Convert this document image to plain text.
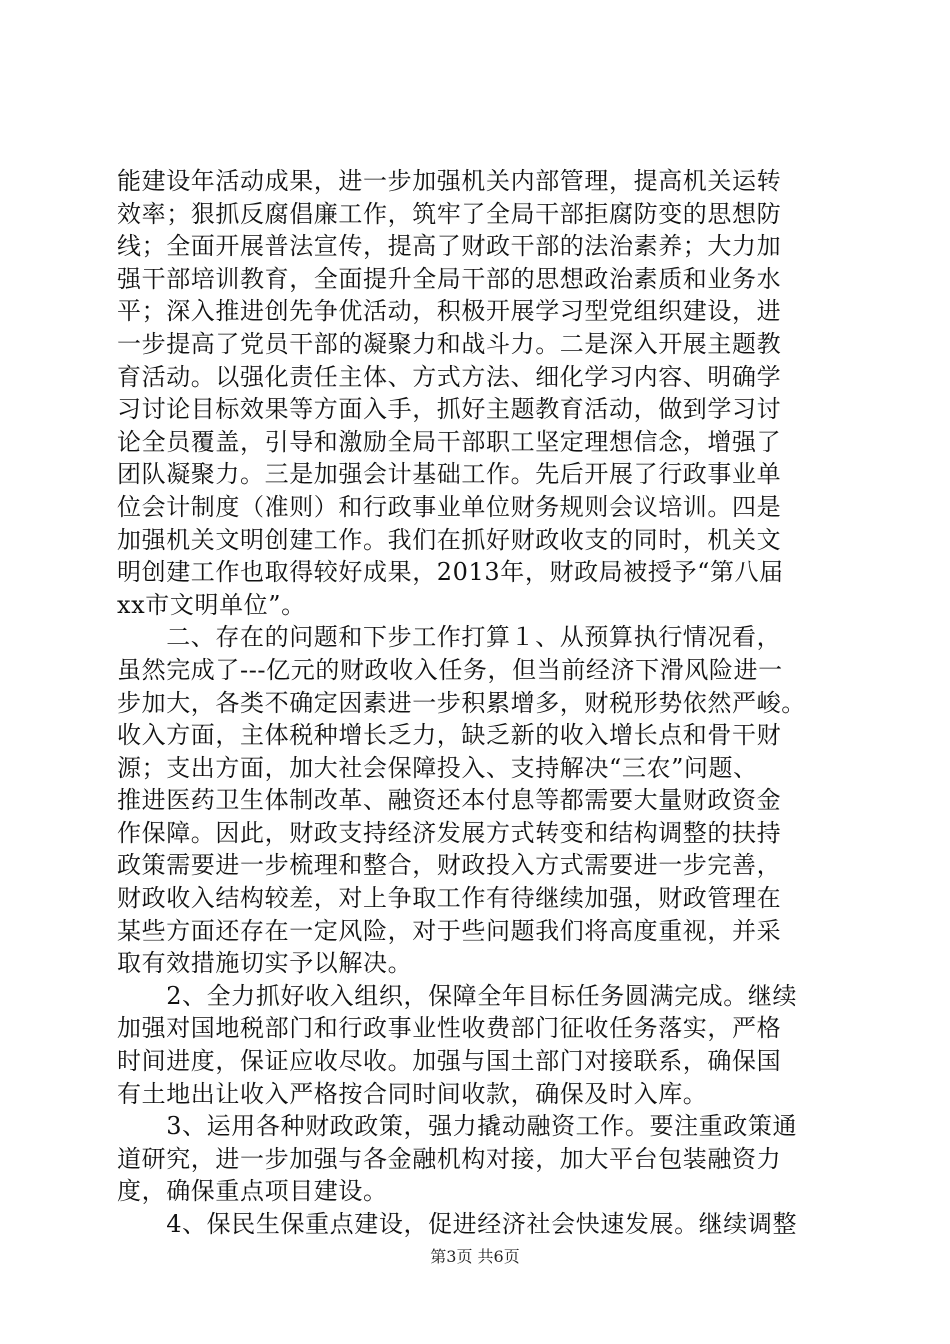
能建设年活动成果，进一步加强机关内部管理，提高机关运转
效率；狠抓反腐倡廉工作，筑牢了全局干部拒腐防变的思想防
线；全面开展普法宣传，提高了财政干部的法治素养；大力加
强干部培训教育，全面提升全局干部的思想政治素质和业务水
平；深入推进创先争优活动，积极开展学习型党组织建设，进
一步提高了党员干部的凝聚力和战斗力。二是深入开展主题教
育活动。以强化责任主体、方式方法、细化学习内容、明确学
习讨论目标效果等方面入手，抓好主题教育活动，做到学习讨
论全员覆盖，引导和激励全局干部职工坚定理想信念，增强了
团队凝聚力。三是加强会计基础工作。先后开展了行政事业单
位会计制度（准则）和行政事业单位财务规则会议培训。四是
加强机关文明创建工作。我们在抓好财政收支的同时，机关文
明创建工作也取得较好成果，2013年，财政局被授予“第八届
xx市文明单位”。
　　二、存在的问题和下步工作打算１、从预算执行情况看，
虽然完成了---亿元的财政收入任务，但当前经济下滑风险进一
步加大，各类不确定因素进一步积累增多，财税形势依然严峻。
收入方面，主体税种增长乏力，缺乏新的收入增长点和骨干财
源；支出方面，加大社会保障投入、支持解决“三农”问题、
推进医药卫生体制改革、融资还本付息等都需要大量财政资金
作保障。因此，财政支持经济发展方式转变和结构调整的扶持
政策需要进一步梳理和整合，财政投入方式需要进一步完善，
财政收入结构较差，对上争取工作有待继续加强，财政管理在
某些方面还存在一定风险，对于些问题我们将高度重视，并采
取有效措施切实予以解决。
　　2、全力抓好收入组织，保障全年目标任务圆满完成。继续
加强对国地税部门和行政事业性收费部门征收任务落实，严格
时间进度，保证应收尽收。加强与国土部门对接联系，确保国
有土地出让收入严格按合同时间收款，确保及时入库。
　　3、运用各种财政政策，强力撬动融资工作。要注重政策通
道研究，进一步加强与各金融机构对接，加大平台包装融资力
度，确保重点项目建设。
　　4、保民生保重点建设，促进经济社会快速发展。继续调整
第3页 共6页
